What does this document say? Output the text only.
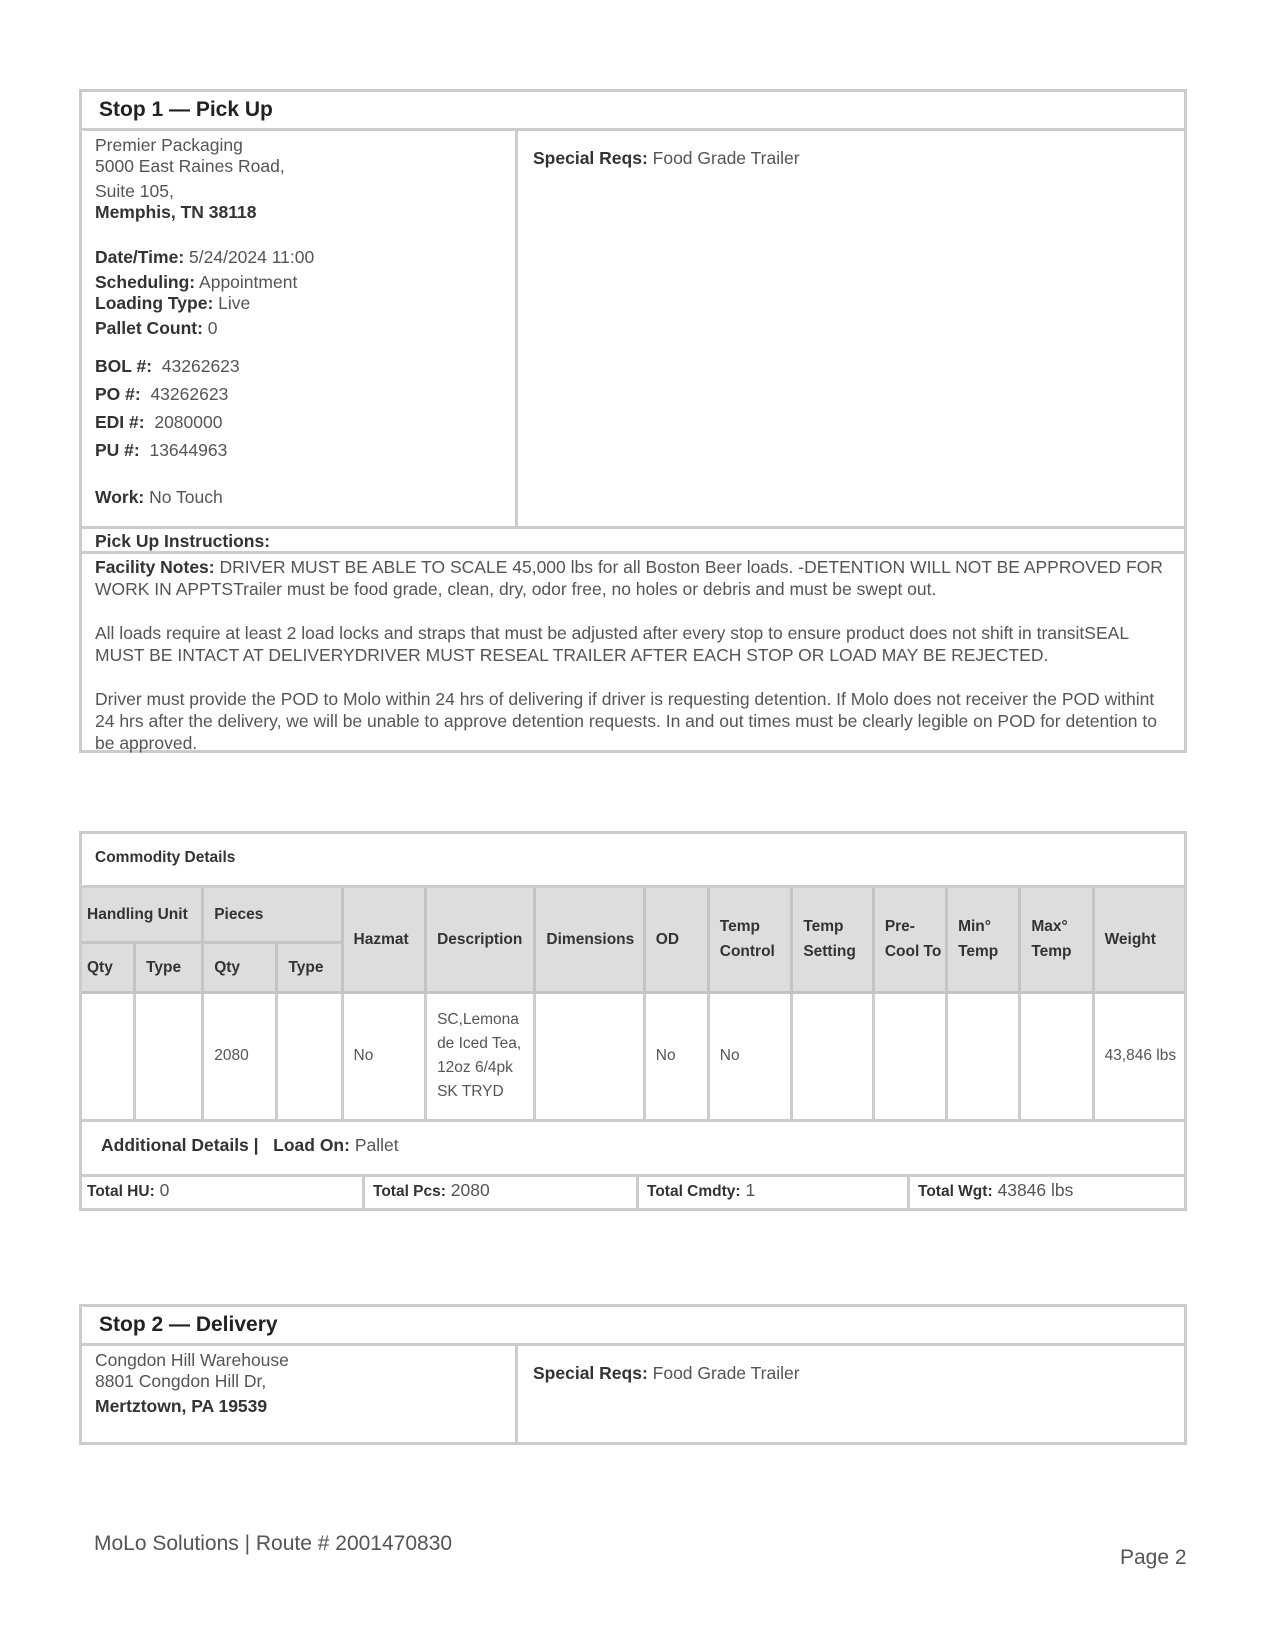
Stop 1 — Pick Up
Premier Packaging
5000 East Raines Road,
Suite 105,
Memphis, TN 38118
Date/Time: 5/24/2024 11:00
Scheduling: Appointment
Loading Type: Live
Pallet Count: 0
BOL #: 43262623
PO #: 43262623
EDI #: 2080000
PU #: 13644963
Work: No Touch
Special Reqs: Food Grade Trailer
Pick Up Instructions:

Facility Notes: DRIVER MUST BE ABLE TO SCALE 45,000 lbs for all Boston Beer loads. -DETENTION WILL NOT BE APPROVED FOR WORK IN APPTSTrailer must be food grade, clean, dry, odor free, no holes or debris and must be swept out.

All loads require at least 2 load locks and straps that must be adjusted after every stop to ensure product does not shift in transitSEAL MUST BE INTACT AT DELIVERYDRIVER MUST RESEAL TRAILER AFTER EACH STOP OR LOAD MAY BE REJECTED.

Driver must provide the POD to Molo within 24 hrs of delivering if driver is requesting detention. If Molo does not receiver the POD withint 24 hrs after the delivery, we will be unable to approve detention requests. In and out times must be clearly legible on POD for detention to be approved.

Commodity Details
Handling Unit		Pieces		Hazmat	Description	Dimensions	OD	Temp Control	Temp Setting	Pre-Cool To	Min° Temp	Max° Temp	Weight
Qty	Type	Qty	Type										
		2080		No	SC,Lemonade Iced Tea,12oz 6/4pk SK TRYD		No	No					43,846 lbs
Additional Details | Load On: Pallet
Total HU: 0	Total Pcs: 2080	Total Cmdty: 1	Total Wgt: 43846 lbs
Stop 2 — Delivery
Congdon Hill Warehouse
8801 Congdon Hill Dr,
Mertztown, PA 19539
Special Reqs: Food Grade Trailer
MoLo Solutions | Route # 2001470830
Page 2
